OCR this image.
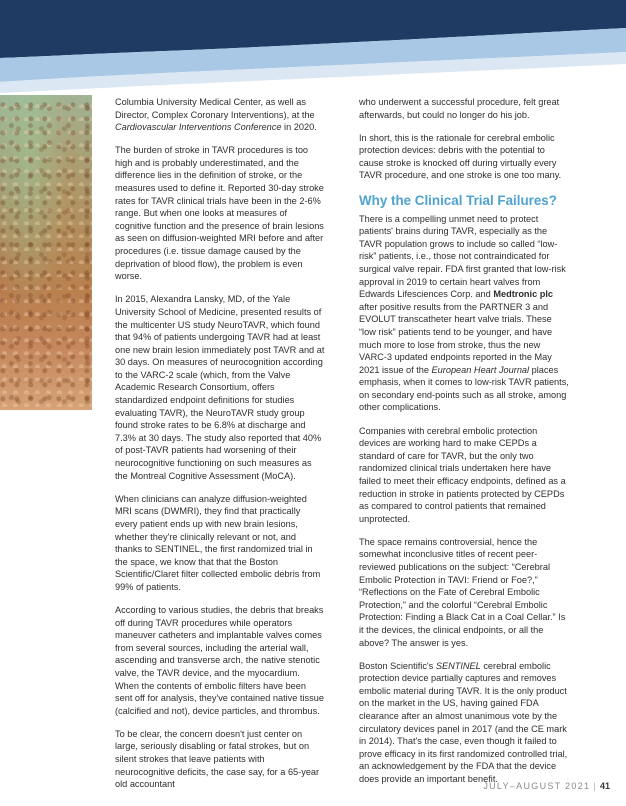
Columbia University Medical Center, as well as Director, Complex Coronary Interventions), at the Cardiovascular Interventions Conference in 2020.

The burden of stroke in TAVR procedures is too high and is probably underestimated, and the difference lies in the definition of stroke, or the measures used to define it. Reported 30-day stroke rates for TAVR clinical trials have been in the 2-6% range. But when one looks at measures of cognitive function and the presence of brain lesions as seen on diffusion-weighted MRI before and after procedures (i.e. tissue damage caused by the deprivation of blood flow), the problem is even worse.

In 2015, Alexandra Lansky, MD, of the Yale University School of Medicine, presented results of the multicenter US study NeuroTAVR, which found that 94% of patients undergoing TAVR had at least one new brain lesion immediately post TAVR and at 30 days. On measures of neurocognition according to the VARC-2 scale (which, from the Valve Academic Research Consortium, offers standardized endpoint definitions for studies evaluating TAVR), the NeuroTAVR study group found stroke rates to be 6.8% at discharge and 7.3% at 30 days. The study also reported that 40% of post-TAVR patients had worsening of their neurocognitive functioning on such measures as the Montreal Cognitive Assessment (MoCA).

When clinicians can analyze diffusion-weighted MRI scans (DWMRI), they find that practically every patient ends up with new brain lesions, whether they're clinically relevant or not, and thanks to SENTINEL, the first randomized trial in the space, we know that that the Boston Scientific/Claret filter collected embolic debris from 99% of patients.

According to various studies, the debris that breaks off during TAVR procedures while operators maneuver catheters and implantable valves comes from several sources, including the arterial wall, ascending and transverse arch, the native stenotic valve, the TAVR device, and the myocardium. When the contents of embolic filters have been sent off for analysis, they've contained native tissue (calcified and not), device particles, and thrombus.

To be clear, the concern doesn't just center on large, seriously disabling or fatal strokes, but on silent strokes that leave patients with neurocognitive deficits, the case say, for a 65-year old accountant

who underwent a successful procedure, felt great afterwards, but could no longer do his job.

In short, this is the rationale for cerebral embolic protection devices: debris with the potential to cause stroke is knocked off during virtually every TAVR procedure, and one stroke is one too many.

Why the Clinical Trial Failures?

There is a compelling unmet need to protect patients' brains during TAVR, especially as the TAVR population grows to include so called “low-risk” patients, i.e., those not contraindicated for surgical valve repair. FDA first granted that low-risk approval in 2019 to certain heart valves from Edwards Lifesciences Corp. and Medtronic plc after positive results from the PARTNER 3 and EVOLUT transcatheter heart valve trials. These “low risk” patients tend to be younger, and have much more to lose from stroke, thus the new VARC-3 updated endpoints reported in the May 2021 issue of the European Heart Journal places emphasis, when it comes to low-risk TAVR patients, on secondary end-points such as all stroke, among other complications.

Companies with cerebral embolic protection devices are working hard to make CEPDs a standard of care for TAVR, but the only two randomized clinical trials undertaken here have failed to meet their efficacy endpoints, defined as a reduction in stroke in patients protected by CEPDs as compared to control patients that remained unprotected.

The space remains controversial, hence the somewhat inconclusive titles of recent peer-reviewed publications on the subject: “Cerebral Embolic Protection in TAVI: Friend or Foe?,” “Reflections on the Fate of Cerebral Embolic Protection,” and the colorful “Cerebral Embolic Protection: Finding a Black Cat in a Coal Cellar.” Is it the devices, the clinical endpoints, or all the above? The answer is yes.

Boston Scientific's SENTINEL cerebral embolic protection device partially captures and removes embolic material during TAVR. It is the only product on the market in the US, having gained FDA clearance after an almost unanimous vote by the circulatory devices panel in 2017 (and the CE mark in 2014). That's the case, even though it failed to prove efficacy in its first randomized controlled trial, an acknowledgement by the FDA that the device does provide an important benefit.

JULY–AUGUST 2021 | 41
